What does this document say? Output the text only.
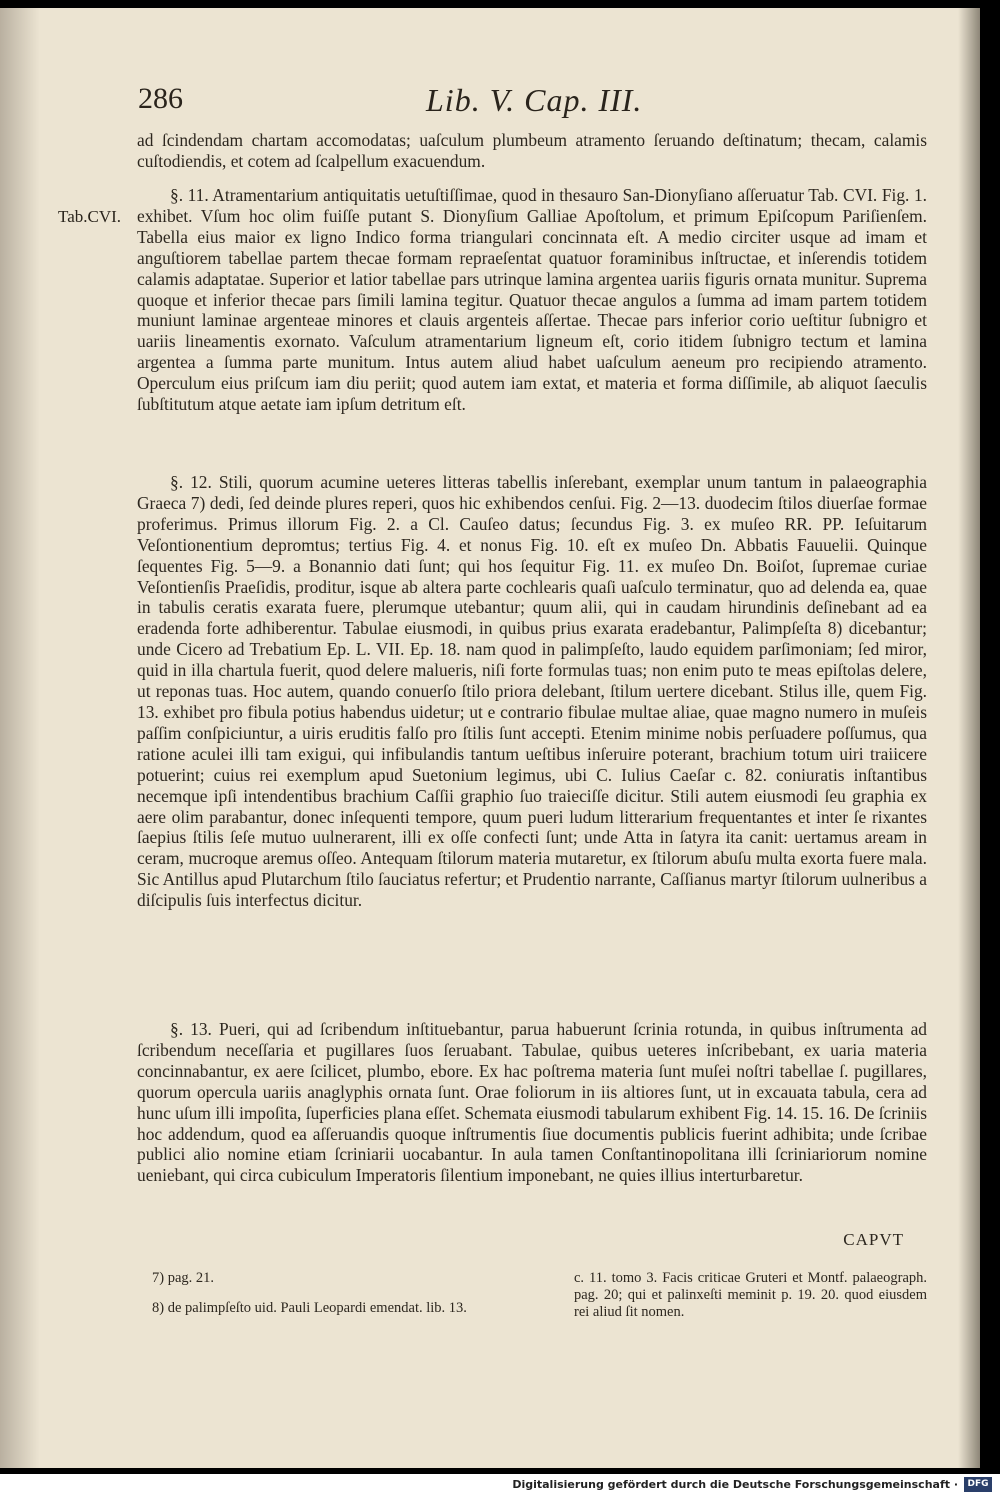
286	Lib. V. Cap. III.
Tab.CVI.

ad ſcindendam chartam accomodatas; uaſculum plumbeum atramento ſeruando deſtinatum; thecam, calamis cuſtodiendis, et cotem ad ſcalpellum exacuendum.

§. 11. Atramentarium antiquitatis uetuſtiſſimae, quod in thesauro San-Dionyſiano aſſeruatur Tab. CVI. Fig. 1. exhibet. Vſum hoc olim fuiſſe putant S. Dionyſium Galliae Apoſtolum, et primum Epiſcopum Pariſienſem. Tabella eius maior ex ligno Indico forma triangulari concinnata eſt. A medio circiter usque ad imam et anguſtiorem tabellae partem thecae formam repraeſentat quatuor foraminibus inſtructae, et inſerendis totidem calamis adaptatae. Superior et latior tabellae pars utrinque lamina argentea uariis figuris ornata munitur. Suprema quoque et inferior thecae pars ſimili lamina tegitur. Quatuor thecae angulos a ſumma ad imam partem totidem muniunt laminae argenteae minores et clauis argenteis aſſertae. Thecae pars inferior corio ueſtitur ſubnigro et uariis lineamentis exornato. Vaſculum atramentarium ligneum eſt, corio itidem ſubnigro tectum et lamina argentea a ſumma parte munitum. Intus autem aliud habet uaſculum aeneum pro recipiendo atramento. Operculum eius priſcum iam diu periit; quod autem iam extat, et materia et forma diſſimile, ab aliquot ſaeculis ſubſtitutum atque aetate iam ipſum detritum eſt.

§. 12. Stili, quorum acumine ueteres litteras tabellis inſerebant, exemplar unum tantum in palaeographia Graeca 7) dedi, ſed deinde plures reperi, quos hic exhibendos cenſui. Fig. 2—13. duodecim ſtilos diuerſae formae proferimus. Primus illorum Fig. 2. a Cl. Cauſeo datus; ſecundus Fig. 3. ex muſeo RR. PP. Ieſuitarum Veſontionentium depromtus; tertius Fig. 4. et nonus Fig. 10. eſt ex muſeo Dn. Abbatis Fauuelii. Quinque ſequentes Fig. 5—9. a Bonannio dati ſunt; qui hos ſequitur Fig. 11. ex muſeo Dn. Boiſot, ſupremae curiae Veſontienſis Praeſidis, proditur, isque ab altera parte cochlearis quaſi uaſculo terminatur, quo ad delenda ea, quae in tabulis ceratis exarata fuere, plerumque utebantur; quum alii, qui in caudam hirundinis deſinebant ad ea eradenda forte adhiberentur. Tabulae eiusmodi, in quibus prius exarata eradebantur, Palimpſeſta 8) dicebantur; unde Cicero ad Trebatium Ep. L. VII. Ep. 18. nam quod in palimpſeſto, laudo equidem parſimoniam; ſed miror, quid in illa chartula fuerit, quod delere malueris, niſi forte formulas tuas; non enim puto te meas epiſtolas delere, ut reponas tuas. Hoc autem, quando conuerſo ſtilo priora delebant, ſtilum uertere dicebant. Stilus ille, quem Fig. 13. exhibet pro fibula potius habendus uidetur; ut e contrario fibulae multae aliae, quae magno numero in muſeis paſſim conſpiciuntur, a uiris eruditis falſo pro ſtilis ſunt accepti. Etenim minime nobis perſuadere poſſumus, qua ratione aculei illi tam exigui, qui infibulandis tantum ueſtibus inſeruire poterant, brachium totum uiri traiicere potuerint; cuius rei exemplum apud Suetonium legimus, ubi C. Iulius Caeſar c. 82. coniuratis inſtantibus necemque ipſi intendentibus brachium Caſſii graphio ſuo traieciſſe dicitur. Stili autem eiusmodi ſeu graphia ex aere olim parabantur, donec inſequenti tempore, quum pueri ludum litterarium frequentantes et inter ſe rixantes ſaepius ſtilis ſeſe mutuo uulnerarent, illi ex oſſe confecti ſunt; unde Atta in ſatyra ita canit: uertamus aream in ceram, mucroque aremus oſſeo. Antequam ſtilorum materia mutaretur, ex ſtilorum abuſu multa exorta fuere mala. Sic Antillus apud Plutarchum ſtilo ſauciatus refertur; et Prudentio narrante, Caſſianus martyr ſtilorum uulneribus a diſcipulis ſuis interfectus dicitur.

§. 13. Pueri, qui ad ſcribendum inſtituebantur, parua habuerunt ſcrinia rotunda, in quibus inſtrumenta ad ſcribendum neceſſaria et pugillares ſuos ſeruabant. Tabulae, quibus ueteres inſcribebant, ex uaria materia concinnabantur, ex aere ſcilicet, plumbo, ebore. Ex hac poſtrema materia ſunt muſei noſtri tabellae ſ. pugillares, quorum opercula uariis anaglyphis ornata ſunt. Orae foliorum in iis altiores ſunt, ut in excauata tabula, cera ad hunc uſum illi impoſita, ſuperficies plana eſſet. Schemata eiusmodi tabularum exhibent Fig. 14. 15. 16. De ſcriniis hoc addendum, quod ea aſſeruandis quoque inſtrumentis ſiue documentis publicis fuerint adhibita; unde ſcribae publici alio nomine etiam ſcriniarii uocabantur. In aula tamen Conſtantinopolitana illi ſcriniariorum nomine ueniebant, qui circa cubiculum Imperatoris ſilentium imponebant, ne quies illius interturbaretur.

CAPVT

7) pag. 21.

8) de palimpſeſto uid. Pauli Leopardi emendat. lib. 13.

c. 11. tomo 3. Facis criticae Gruteri et Montf. palaeograph. pag. 20; qui et palinxeſti meminit p. 19. 20. quod eiusdem rei aliud ſit nomen.

Digitalisierung gefördert durch die Deutsche Forschungsgemeinschaft ·	DFG
